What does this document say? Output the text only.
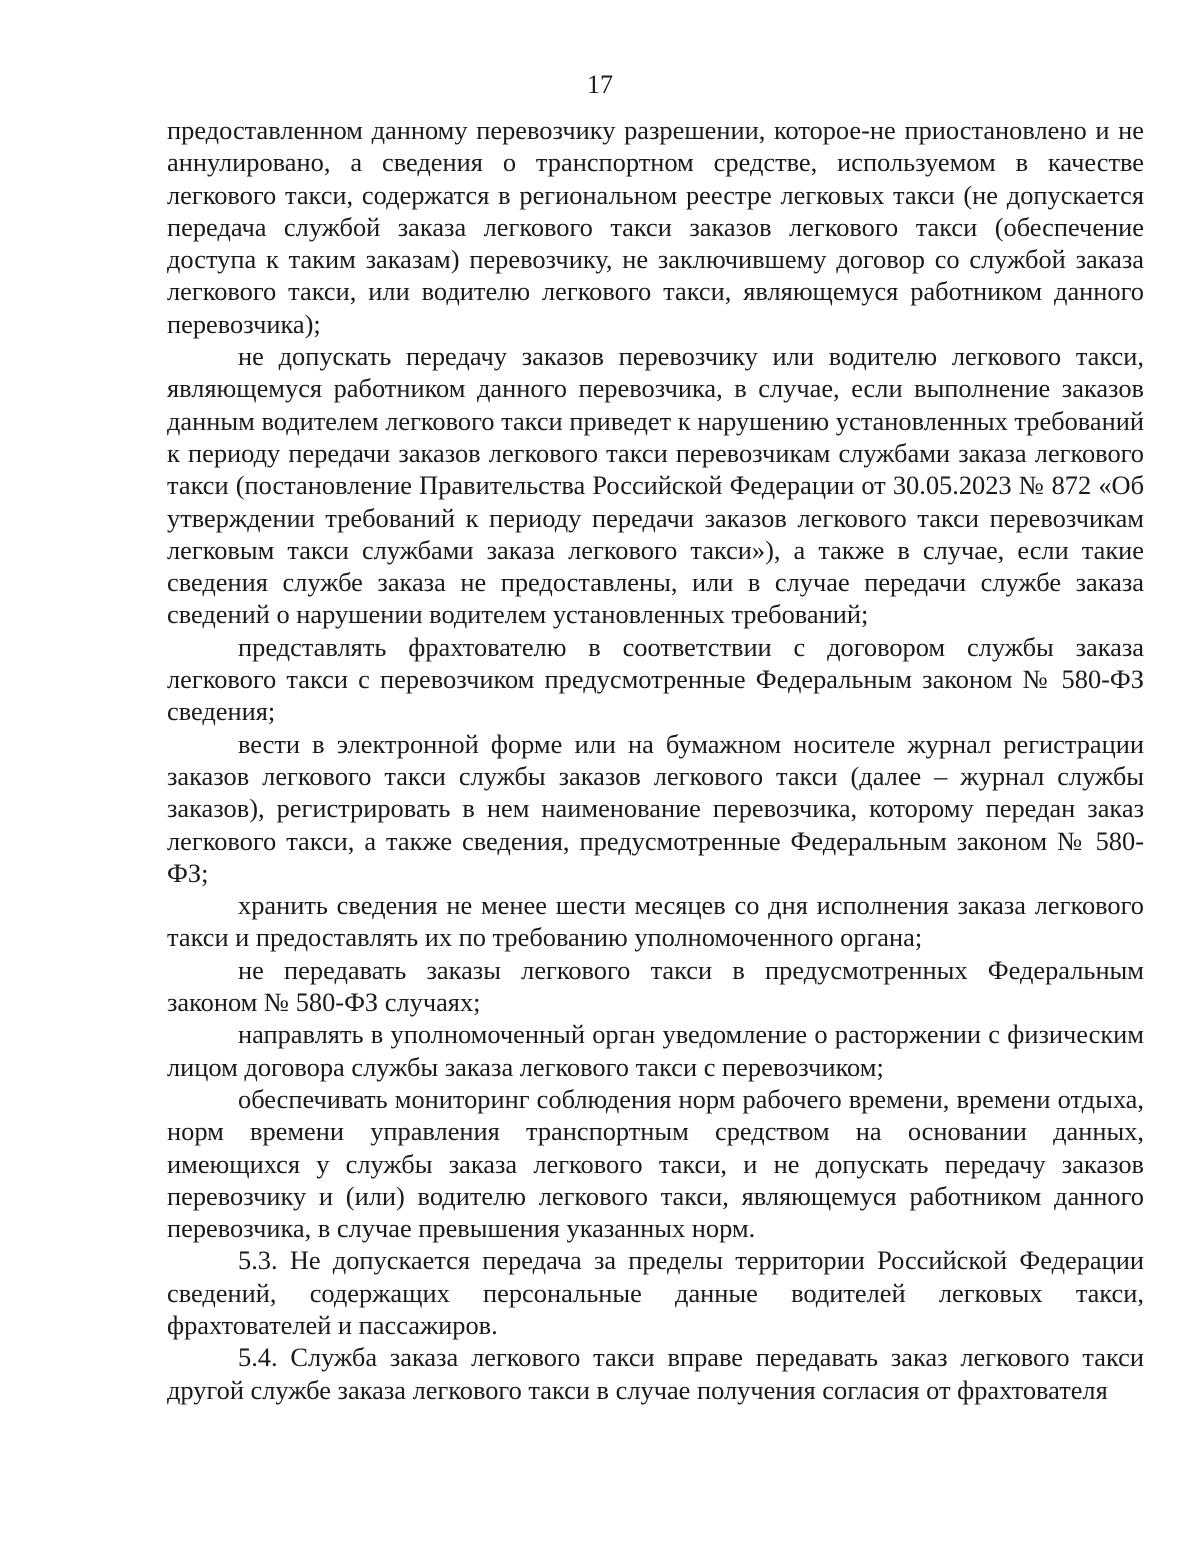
17

предоставленном данному перевозчику разрешении, которое-не приостановлено и не аннулировано, а сведения о транспортном средстве, используемом в качестве легкового такси, содержатся в региональном реестре легковых такси (не допускается передача службой заказа легкового такси заказов легкового такси (обеспечение доступа к таким заказам) перевозчику, не заключившему договор со службой заказа легкового такси, или водителю легкового такси, являющемуся работником данного перевозчика);

не допускать передачу заказов перевозчику или водителю легкового такси, являющемуся работником данного перевозчика, в случае, если выполнение заказов данным водителем легкового такси приведет к нарушению установленных требований к периоду передачи заказов легкового такси перевозчикам службами заказа легкового такси (постановление Правительства Российской Федерации от 30.05.2023 № 872 «Об утверждении требований к периоду передачи заказов легкового такси перевозчикам легковым такси службами заказа легкового такси»), а также в случае, если такие сведения службе заказа не предоставлены, или в случае передачи службе заказа сведений о нарушении водителем установленных требований;

представлять фрахтователю в соответствии с договором службы заказа легкового такси с перевозчиком предусмотренные Федеральным законом № 580-ФЗ сведения;

вести в электронной форме или на бумажном носителе журнал регистрации заказов легкового такси службы заказов легкового такси (далее – журнал службы заказов), регистрировать в нем наименование перевозчика, которому передан заказ легкового такси, а также сведения, предусмотренные Федеральным законом № 580-ФЗ;

хранить сведения не менее шести месяцев со дня исполнения заказа легкового такси и предоставлять их по требованию уполномоченного органа;

не передавать заказы легкового такси в предусмотренных Федеральным законом № 580-ФЗ случаях;

направлять в уполномоченный орган уведомление о расторжении с физическим лицом договора службы заказа легкового такси с перевозчиком;

обеспечивать мониторинг соблюдения норм рабочего времени, времени отдыха, норм времени управления транспортным средством на основании данных, имеющихся у службы заказа легкового такси, и не допускать передачу заказов перевозчику и (или) водителю легкового такси, являющемуся работником данного перевозчика, в случае превышения указанных норм.

5.3. Не допускается передача за пределы территории Российской Федерации сведений, содержащих персональные данные водителей легковых такси, фрахтователей и пассажиров.

5.4. Служба заказа легкового такси вправе передавать заказ легкового такси другой службе заказа легкового такси в случае получения согласия от фрахтователя
